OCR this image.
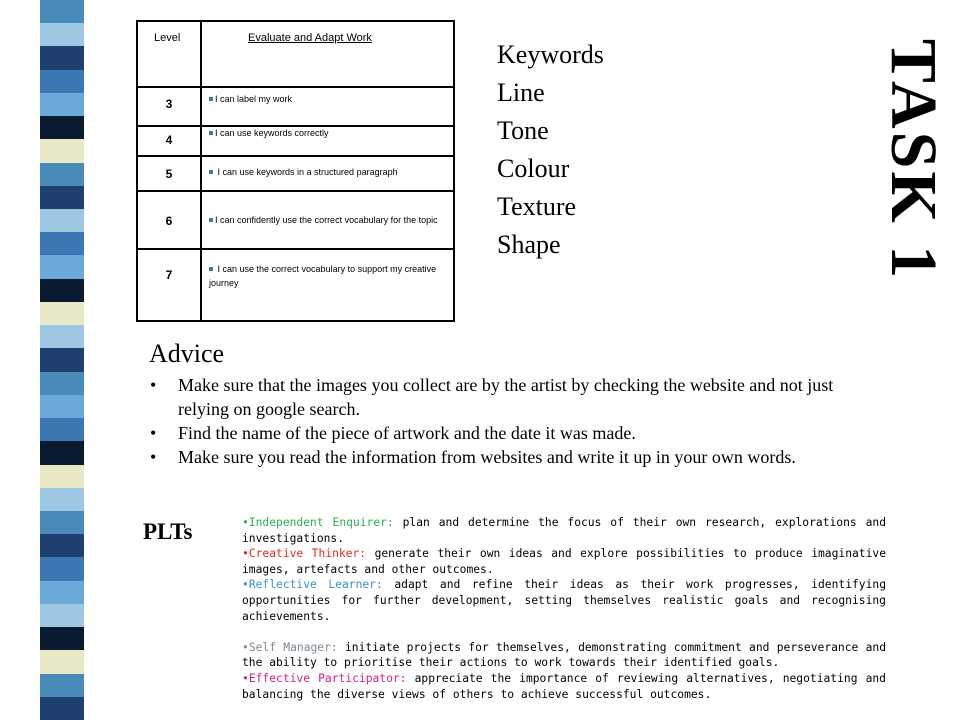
Level	Evaluate and Adapt Work
3	I can label my work
4	I can use keywords correctly
5	I can use keywords in a structured paragraph
6	I can confidently use the correct vocabulary for the topic
7	I can use the correct vocabulary to support my creative journey
Keywords
Line
Tone
Colour
Texture
Shape	TASK 1
Advice
• Make sure that the images you collect are by the artist by checking the website and not just relying on google search.
• Find the name of the piece of artwork and the date it was made.
• Make sure you read the information from websites and write it up in your own words.
PLTs	•Independent Enquirer: plan and determine the focus of their own research, explorations and investigations.

•Creative Thinker: generate their own ideas and explore possibilities to produce imaginative images, artefacts and other outcomes.

•Reflective Learner: adapt and refine their ideas as their work progresses, identifying opportunities for further development, setting themselves realistic goals and recognising achievements.

•Self Manager: initiate projects for themselves, demonstrating commitment and perseverance and the ability to prioritise their actions to work towards their identified goals.

•Effective Participator: appreciate the importance of reviewing alternatives, negotiating and balancing the diverse views of others to achieve successful outcomes.
